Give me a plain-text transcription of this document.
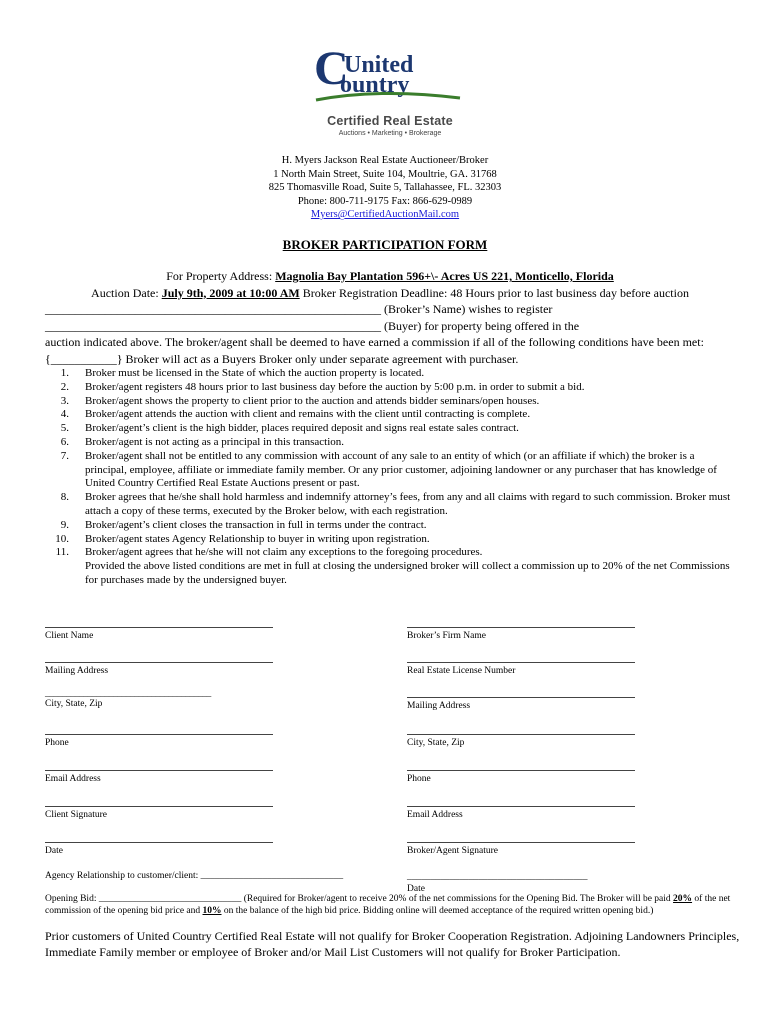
C
United
ountry
Certified Real Estate
Auctions • Marketing • Brokerage
H. Myers Jackson Real Estate Auctioneer/Broker
1 North Main Street, Suite 104, Moultrie, GA. 31768
825 Thomasville Road, Suite 5, Tallahassee, FL. 32303
Phone: 800-711-9175 Fax: 866-629-0989
Myers@CertifiedAuctionMail.com
BROKER PARTICIPATION FORM
For Property Address: Magnolia Bay Plantation 596+\- Acres US 221, Monticello, Florida
Auction Date: July 9th, 2009 at 10:00 AM Broker Registration Deadline: 48 Hours prior to last business day before auction
________________________________________________________ (Broker’s Name) wishes to register
________________________________________________________ (Buyer) for property being offered in the
auction indicated above. The broker/agent shall be deemed to have earned a commission if all of the following conditions have been met: {___________} Broker will act as a Buyers Broker only under separate agreement with purchaser.
1. Broker must be licensed in the State of which the auction property is located.
2. Broker/agent registers 48 hours prior to last business day before the auction by 5:00 p.m. in order to submit a bid.
3. Broker/agent shows the property to client prior to the auction and attends bidder seminars/open houses.
4. Broker/agent attends the auction with client and remains with the client until contracting is complete.
5. Broker/agent’s client is the high bidder, places required deposit and signs real estate sales contract.
6. Broker/agent is not acting as a principal in this transaction.
7. Broker/agent shall not be entitled to any commission with account of any sale to an entity of which (or an affiliate if which) the broker is a principal, employee, affiliate or immediate family member. Or any prior customer, adjoining landowner or any purchaser that has knowledge of United Country Certified Real Estate Auctions present or past.
8. Broker agrees that he/she shall hold harmless and indemnify attorney’s fees, from any and all claims with regard to such commission. Broker must attach a copy of these terms, executed by the Broker below, with each registration.
9. Broker/agent’s client closes the transaction in full in terms under the contract.
10. Broker/agent states Agency Relationship to buyer in writing upon registration.
11. Broker/agent agrees that he/she will not claim any exceptions to the foregoing procedures.
Provided the above listed conditions are met in full at closing the undersigned broker will collect a commission up to 20% of the net Commissions for purchases made by the undersigned buyer.
Client Name
Mailing Address
_______________________________________
City, State, Zip
Phone
Email Address
Client Signature
Date
Broker’s Firm Name
Real Estate License Number
Mailing Address
City, State, Zip
Phone
Email Address
Broker/Agent Signature
Agency Relationship to customer/client: ______________________________	______________________________________
Date
Opening Bid: ______________________________ (Required for Broker/agent to receive 20% of the net commissions for the Opening Bid. The Broker will be paid 20% of the net commission of the opening bid price and 10% on the balance of the high bid price. Bidding online will deemed acceptance of the required written opening bid.)
Prior customers of United Country Certified Real Estate will not qualify for Broker Cooperation Registration. Adjoining Landowners Principles, Immediate Family member or employee of Broker and/or Mail List Customers will not qualify for Broker Participation.
